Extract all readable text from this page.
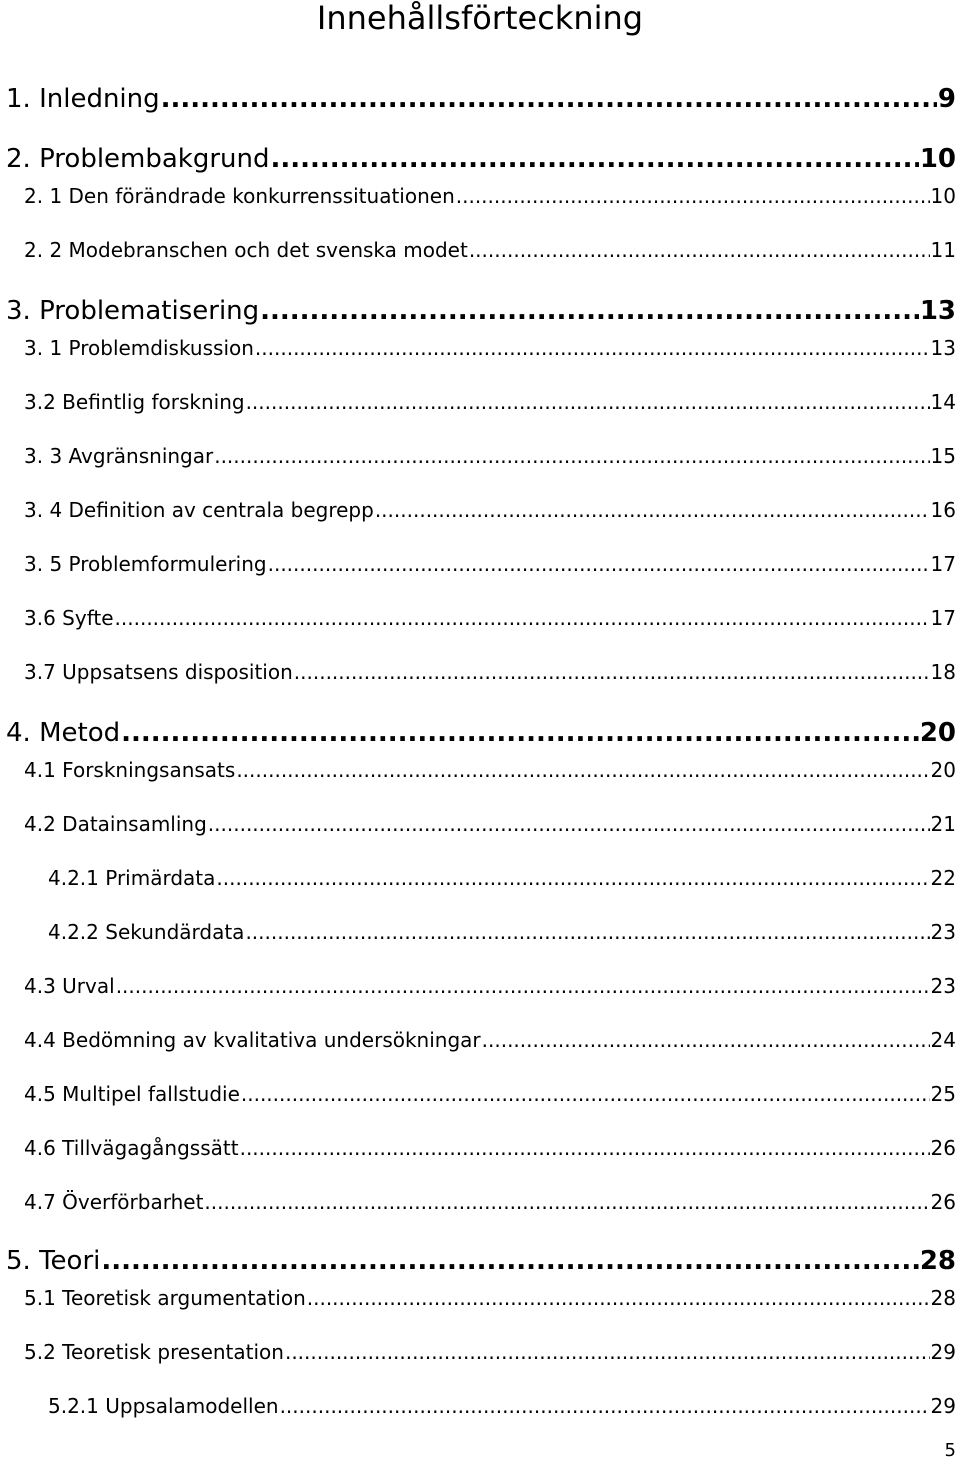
Innehållsförteckning
1. Inledning .....	9
2. Problembakgrund .....	10
2. 1 Den förändrade konkurrenssituationen .....	10
2. 2 Modebranschen och det svenska modet .....	11
3. Problematisering .....	13
3. 1 Problemdiskussion .....	13
3.2 Befintlig forskning .....	14
3. 3 Avgränsningar .....	15
3. 4 Definition av centrala begrepp .....	16
3. 5 Problemformulering .....	17
3.6 Syfte .....	17
3.7 Uppsatsens disposition .....	18
4. Metod .....	20
4.1 Forskningsansats .....	20
4.2 Datainsamling .....	21
4.2.1 Primärdata .....	22
4.2.2 Sekundärdata .....	23
4.3 Urval .....	23
4.4 Bedömning av kvalitativa undersökningar .....	24
4.5 Multipel fallstudie .....	25
4.6 Tillvägagångssätt .....	26
4.7 Överförbarhet .....	26
5. Teori .....	28
5.1 Teoretisk argumentation .....	28
5.2 Teoretisk presentation .....	29
5.2.1 Uppsalamodellen .....	29
5
